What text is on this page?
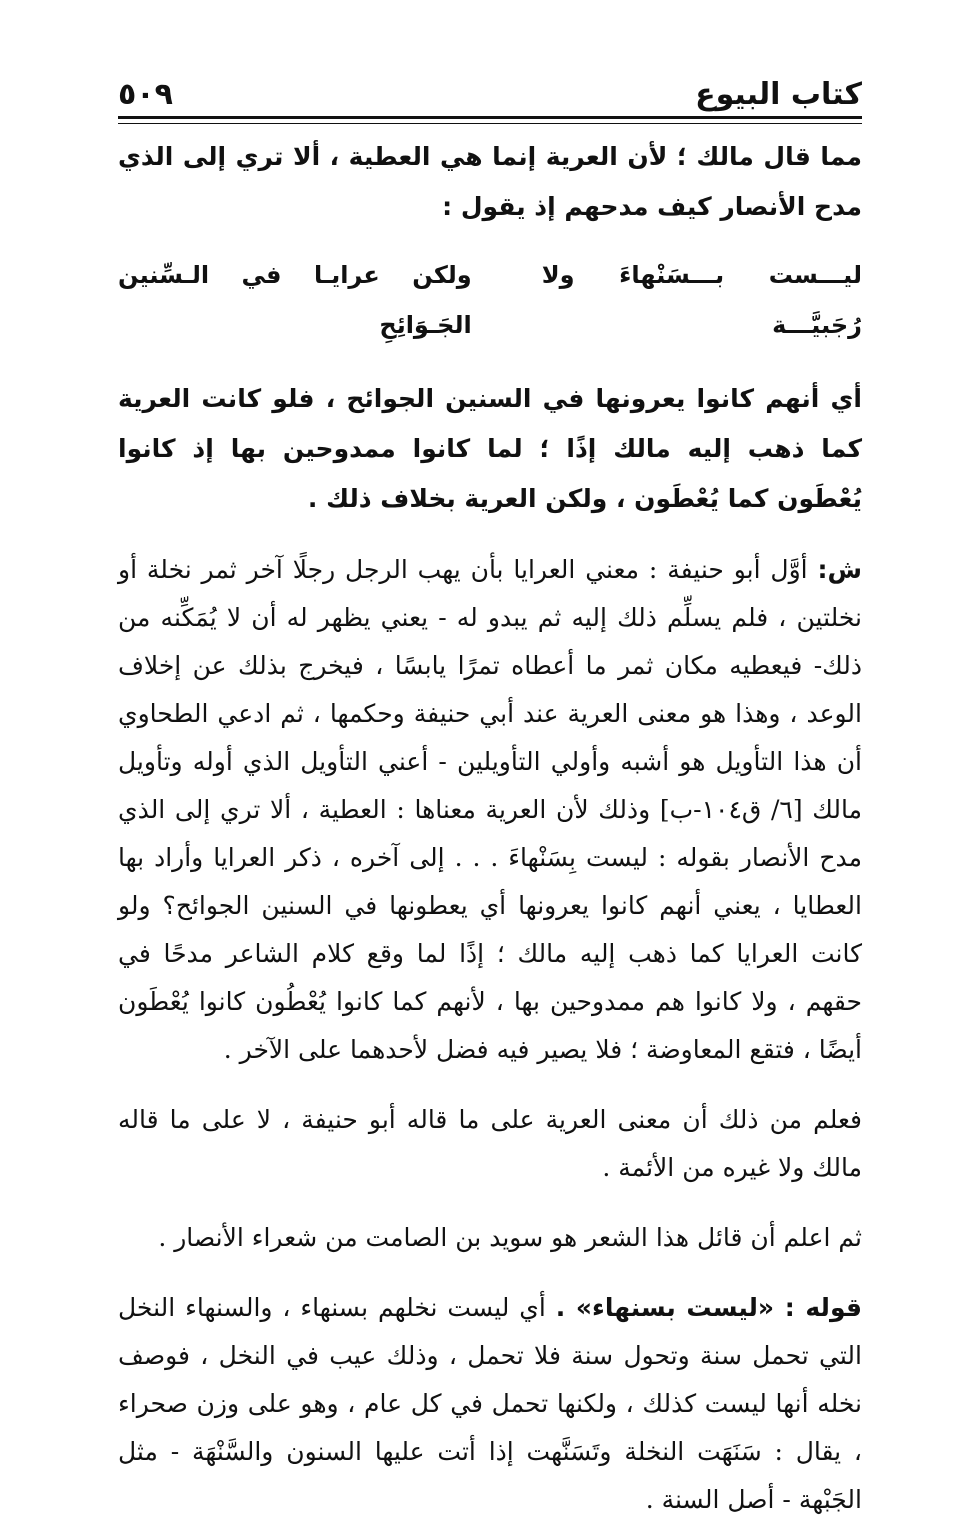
كتاب البيوع
٥٠٩

مما قال مالك ؛ لأن العرية إنما هي العطية ، ألا تري إلى الذي مدح الأنصار كيف مدحهم إذ يقول :

ليـــست بـــسَنْهاءَ ولا رُجَبيَّـــة
ولكن عرايـا في الـسِّنين الجَـوَائِحِ

أي أنهم كانوا يعرونها في السنين الجوائح ، فلو كانت العرية كما ذهب إليه مالك إذًا ؛ لما كانوا ممدوحين بها إذ كانوا يُعْطَون كما يُعْطَون ، ولكن العرية بخلاف ذلك .

ش: أوَّل أبو حنيفة : معني العرايا بأن يهب الرجل رجلًا آخر ثمر نخلة أو نخلتين ، فلم يسلِّم ذلك إليه ثم يبدو له - يعني يظهر له أن لا يُمَكِّنه من ذلك- فيعطيه مكان ثمر ما أعطاه تمرًا يابسًا ، فيخرج بذلك عن إخلاف الوعد ، وهذا هو معنى العرية عند أبي حنيفة وحكمها ، ثم ادعي الطحاوي أن هذا التأويل هو أشبه وأولي التأويلين - أعني التأويل الذي أوله وتأويل مالك [٦/ ق١٠٤-ب] وذلك لأن العرية معناها : العطية ، ألا تري إلى الذي مدح الأنصار بقوله : ليست بِسَنْهاءَ . . . إلى آخره ، ذكر العرايا وأراد بها العطايا ، يعني أنهم كانوا يعرونها أي يعطونها في السنين الجوائح؟ ولو كانت العرايا كما ذهب إليه مالك ؛ إذًا لما وقع كلام الشاعر مدحًا في حقهم ، ولا كانوا هم ممدوحين بها ، لأنهم كما كانوا يُعْطُون كانوا يُعْطَون أيضًا ، فتقع المعاوضة ؛ فلا يصير فيه فضل لأحدهما على الآخر .

فعلم من ذلك أن معنى العرية على ما قاله أبو حنيفة ، لا على ما قاله مالك ولا غيره من الأئمة .

ثم اعلم أن قائل هذا الشعر هو سويد بن الصامت من شعراء الأنصار .

قوله : «ليست بسنهاء» . أي ليست نخلهم بسنهاء ، والسنهاء النخل التي تحمل سنة وتحول سنة فلا تحمل ، وذلك عيب في النخل ، فوصف نخله أنها ليست كذلك ، ولكنها تحمل في كل عام ، وهو على وزن صحراء ، يقال : سَنَهَت النخلة وتَسَنَّهت إذا أتت عليها السنون والسَّنْهَة - مثل الجَبْهة - أصل السنة .
